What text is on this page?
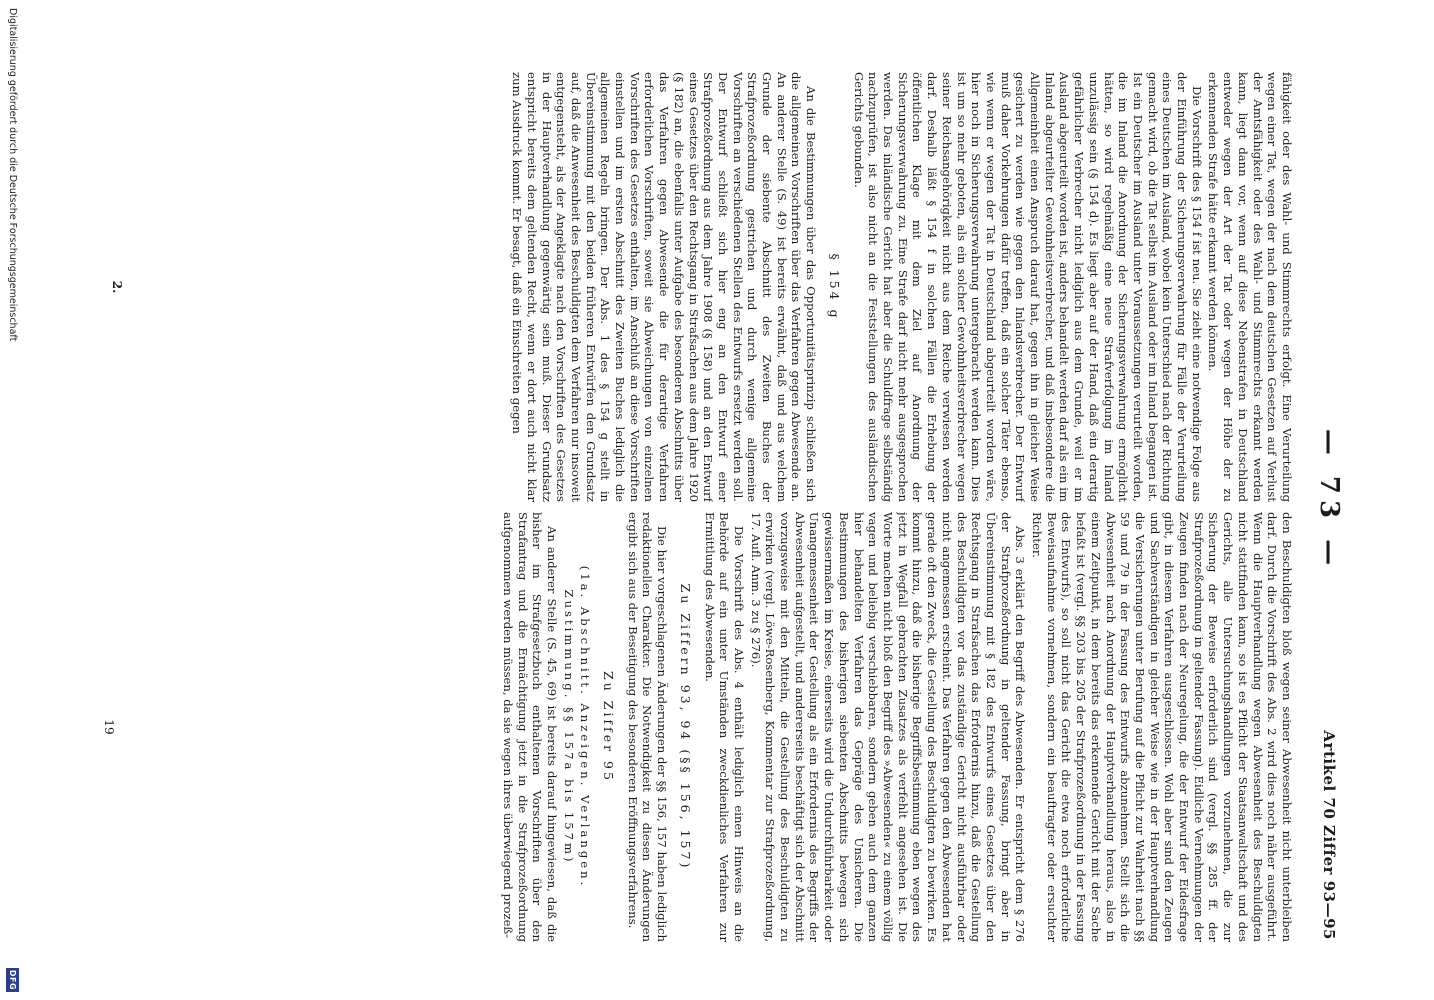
— 73 —
Artikel 70 Ziffer 93—95

fähigkeit oder des Wahl- und Stimmrechts erfolgt. Eine Verurteilung wegen einer Tat, wegen der nach dem deutschen Gesetzen auf Verlust der Amtsfähigkeit oder des Wahl- und Stimmrechts erkannt werden kann, liegt dann vor, wenn auf diese Nebenstrafen in Deutschland entweder wegen der Art der Tat oder wegen der Höhe der zu erkennenden Strafe hätte erkannt werden können.

Die Vorschrift des § 154 f ist neu. Sie zieht eine notwendige Folge aus der Einführung der Sicherungsverwahrung für Fälle der Verurteilung eines Deutschen im Ausland, wobei kein Unterschied nach der Richtung gemacht wird, ob die Tat selbst im Ausland oder im Inland begangen ist. Ist ein Deutscher im Ausland unter Voraussetzungen verurteilt worden, die im Inland die Anordnung der Sicherungsverwahrung ermöglicht hätten, so wird regelmäßig eine neue Strafverfolgung im Inland unzulässig sein (§ 154 d). Es liegt aber auf der Hand, daß ein derartig gefährlicher Verbrecher nicht lediglich aus dem Grunde, weil er im Ausland abgeurteilt worden ist, anders behandelt werden darf als ein im Inland abgeurteilter Gewohnheitsverbrecher, und daß insbesondere die Allgemeinheit einen Anspruch darauf hat, gegen ihn in gleicher Weise gesichert zu werden wie gegen den Inlandsverbrecher. Der Entwurf muß daher Vorkehrungen dafür treffen, daß ein solcher Täter ebenso, wie wenn er wegen der Tat in Deutschland abgeurteilt worden wäre, hier noch in Sicherungsverwahrung untergebracht werden kann. Dies ist um so mehr geboten, als ein solcher Gewohnheitsverbrecher wegen seiner Reichsangehörigkeit nicht aus dem Reiche verwiesen werden darf. Deshalb läßt § 154 f in solchen Fällen die Erhebung der öffentlichen Klage mit dem Ziel auf Anordnung der Sicherungsverwahrung zu. Eine Strafe darf nicht mehr ausgesprochen werden. Das inländische Gericht hat aber die Schuldfrage selbständig nachzuprüfen, ist also nicht an die Feststellungen des ausländischen Gerichts gebunden.

§ 154 g

An die Bestimmungen über das Opportunitätsprinzip schließen sich die allgemeinen Vorschriften über das Verfahren gegen Abwesende an. An anderer Stelle (S. 49) ist bereits erwähnt, daß und aus welchem Grunde der siebente Abschnitt des Zweiten Buches der Strafprozeßordnung gestrichen und durch wenige allgemeine Vorschriften an verschiedenen Stellen des Entwurfs ersetzt werden soll. Der Entwurf schließt sich hier eng an den Entwurf einer Strafprozeßordnung aus dem Jahre 1908 (§ 158) und an den Entwurf eines Gesetzes über den Rechtsgang in Strafsachen aus dem Jahre 1920 (§ 182) an, die ebenfalls unter Aufgabe des besonderen Abschnitts über das Verfahren gegen Abwesende die für derartige Verfahren erforderlichen Vorschriften, soweit sie Abweichungen von einzelnen Vorschriften des Gesetzes enthalten, im Anschluß an diese Vorschriften einstellen und im ersten Abschnitt des Zweiten Buches lediglich die allgemeinen Regeln bringen. Der Abs. 1 des § 154 g stellt in Übereinstimmung mit den beiden früheren Entwürfen den Grundsatz auf, daß die Anwesenheit des Beschuldigten dem Verfahren nur insoweit entgegensteht, als der Angeklagte nach den Vorschriften des Gesetzes in der Hauptverhandlung gegenwärtig sein muß. Dieser Grundsatz entspricht bereits dem geltenden Recht, wenn er dort auch nicht klar zum Ausdruck kommt. Er besagt, daß ein Einschreiten gegen

den Beschuldigten bloß wegen seiner Abwesenheit nicht unterbleiben darf. Durch die Vorschrift des Abs. 2 wird dies noch näher ausgeführt. Wenn die Hauptverhandlung wegen Abwesenheit des Beschuldigten nicht stattfinden kann, so ist es Pflicht der Staatsanwaltschaft und des Gerichts, alle Untersuchungshandlungen vorzunehmen, die zur Sicherung der Beweise erforderlich sind (vergl. §§ 285 ff. der Strafprozeßordnung in geltender Fassung). Eidliche Vernehmungen der Zeugen finden nach der Neuregelung, die der Entwurf der Eidesfrage gibt, in diesem Verfahren ausgeschlossen. Wohl aber sind den Zeugen und Sachverständigen in gleicher Weise wie in der Hauptverhandlung die Versicherungen unter Berufung auf die Pflicht zur Wahrheit nach §§ 59 und 79 in der Fassung des Entwurfs abzunehmen. Stellt sich die Abwesenheit nach Anordnung der Hauptverhandlung heraus, also in einem Zeitpunkt, in dem bereits das erkennende Gericht mit der Sache befaßt ist (vergl. §§ 203 bis 205 der Strafprozeßordnung in der Fassung des Entwurfs), so soll nicht das Gericht die etwa noch erforderliche Beweisaufnahme vornehmen, sondern ein beauftragter oder ersuchter Richter.

Abs. 3 erklärt den Begriff des Abwesenden. Er entspricht dem § 276 der Strafprozeßordnung in geltender Fassung, bringt aber in Übereinstimmung mit § 182 des Entwurfs eines Gesetzes über den Rechtsgang in Strafsachen das Erfordernis hinzu, daß die Gestellung des Beschuldigten vor das zuständige Gericht nicht ausführbar oder nicht angemessen erscheint. Das Verfahren gegen den Abwesenden hat gerade oft den Zweck, die Gestellung des Beschuldigten zu bewirken. Es kommt hinzu, daß die bisherige Begriffsbestimmung eben wegen des jetzt in Wegfall gebrachten Zusatzes als verfehlt angesehen ist. Die Worte machen nicht bloß den Begriff des »Abwesenden« zu einem völlig vagen und beliebig verschiebbaren, sondern geben auch dem ganzen hier behandelten Verfahren das Gepräge des Unsicheren. Die Bestimmungen des bisherigen siebenten Abschnitts bewegen sich gewissermaßen im Kreise, einerseits wird die Undurchführbarkeit oder Unangemessenheit der Gestellung als ein Erfordernis des Begriffs der Abwesenheit aufgestellt, und andererseits beschäftigt sich der Abschnitt vorzugsweise mit den Mitteln, die Gestellung des Beschuldigten zu erwirken (vergl. Löwe-Rosenberg, Kommentar zur Strafprozeßordnung, 17. Aufl. Anm. 3 zu § 276).

Die Vorschrift des Abs. 4 enthält lediglich einen Hinweis an die Behörde auf ein unter Umständen zweckdienliches Verfahren zur Ermittlung des Abwesenden.

Zu Ziffern 93, 94 (§§ 156, 157)

Die hier vorgeschlagenen Änderungen der §§ 156, 157 haben lediglich redaktionellen Charakter. Die Notwendigkeit zu diesen Änderungen ergibt sich aus der Beseitigung des besonderen Eröffnungsverfahrens.

Zu Ziffer 95
(1a. Abschnitt. Anzeigen. Verlangen.
Zustimmung. §§ 157a bis 157m)

An anderer Stelle (S. 45, 69) ist bereits darauf hingewiesen, daß die bisher im Strafgesetzbuch enthaltenen Vorschriften über den Strafantrag und die Ermächtigung jetzt in die Strafprozeßordnung aufgenommen werden müssen, da sie wegen ihres überwiegend prozeß-

2.
19
Digitalisierung gefördert durch die Deutsche Forschungsgemeinschaft
DFG
